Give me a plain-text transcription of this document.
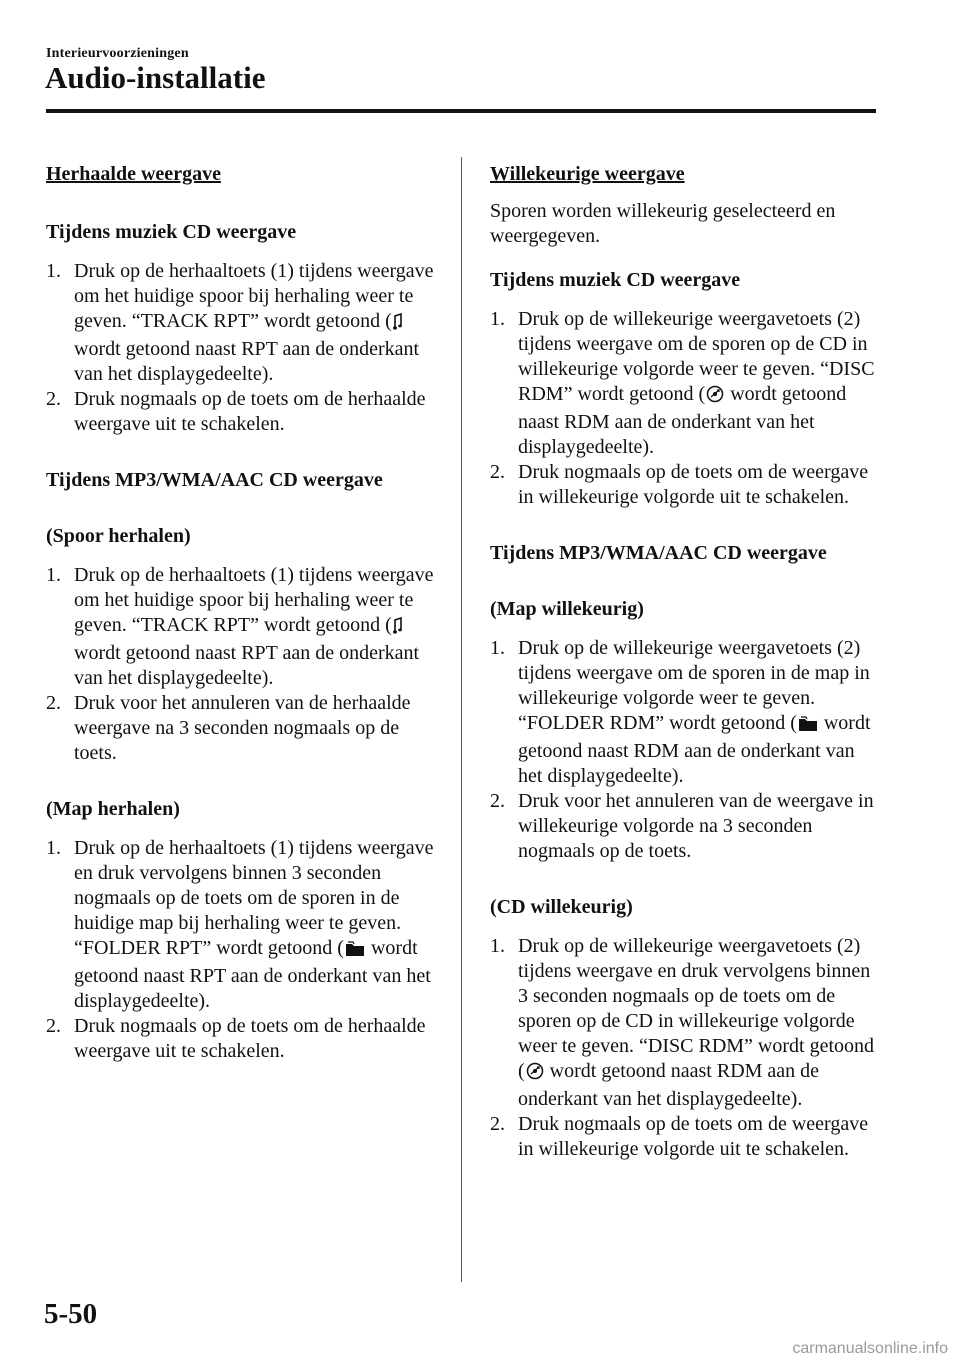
Interieurvoorzieningen
Audio-installatie

Herhaalde weergave

Tijdens muziek CD weergave

1. Druk op de herhaaltoets (1) tijdens weergave om het huidige spoor bij herhaling weer te geven. “TRACK RPT” wordt getoond ( wordt getoond naast RPT aan de onderkant van het displaygedeelte).
2. Druk nogmaals op de toets om de herhaalde weergave uit te schakelen.

Tijdens MP3/WMA/AAC CD weergave

(Spoor herhalen)

1. Druk op de herhaaltoets (1) tijdens weergave om het huidige spoor bij herhaling weer te geven. “TRACK RPT” wordt getoond ( wordt getoond naast RPT aan de onderkant van het displaygedeelte).
2. Druk voor het annuleren van de herhaalde weergave na 3 seconden nogmaals op de toets.

(Map herhalen)

1. Druk op de herhaaltoets (1) tijdens weergave en druk vervolgens binnen 3 seconden nogmaals op de toets om de sporen in de huidige map bij herhaling weer te geven. “FOLDER RPT” wordt getoond ( wordt getoond naast RPT aan de onderkant van het displaygedeelte).
2. Druk nogmaals op de toets om de herhaalde weergave uit te schakelen.

Willekeurige weergave

Sporen worden willekeurig geselecteerd en weergegeven.

Tijdens muziek CD weergave

1. Druk op de willekeurige weergavetoets (2) tijdens weergave om de sporen op de CD in willekeurige volgorde weer te geven. “DISC RDM” wordt getoond ( wordt getoond naast RDM aan de onderkant van het displaygedeelte).
2. Druk nogmaals op de toets om de weergave in willekeurige volgorde uit te schakelen.

Tijdens MP3/WMA/AAC CD weergave

(Map willekeurig)

1. Druk op de willekeurige weergavetoets (2) tijdens weergave om de sporen in de map in willekeurige volgorde weer te geven. “FOLDER RDM” wordt getoond ( wordt getoond naast RDM aan de onderkant van het displaygedeelte).
2. Druk voor het annuleren van de weergave in willekeurige volgorde na 3 seconden nogmaals op de toets.

(CD willekeurig)

1. Druk op de willekeurige weergavetoets (2) tijdens weergave en druk vervolgens binnen 3 seconden nogmaals op de toets om de sporen op de CD in willekeurige volgorde weer te geven. “DISC RDM” wordt getoond ( wordt getoond naast RDM aan de onderkant van het displaygedeelte).
2. Druk nogmaals op de toets om de weergave in willekeurige volgorde uit te schakelen.
5-50
carmanualsonline.info
